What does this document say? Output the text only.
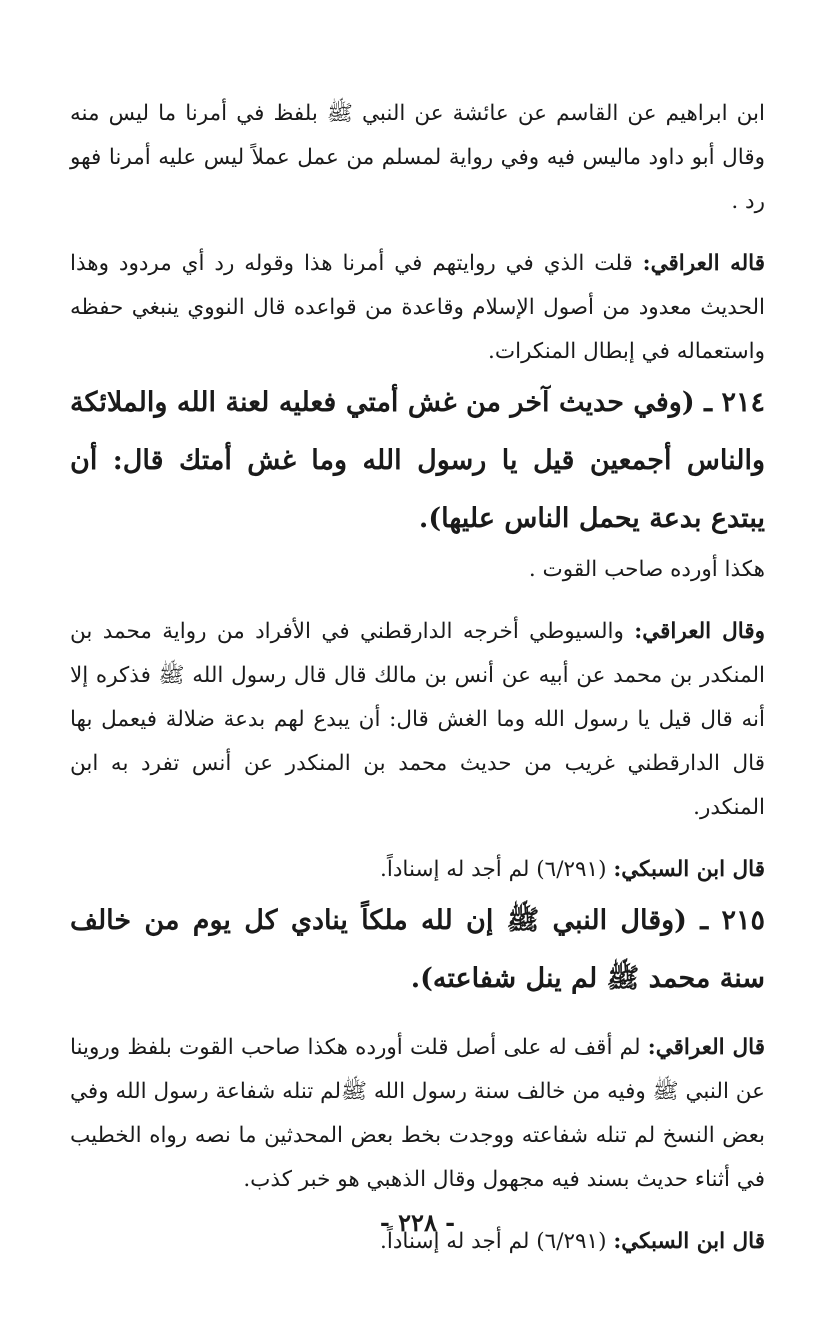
ابن ابراهيم عن القاسم عن عائشة عن النبي ﷺ بلفظ في أمرنا ما ليس منه وقال أبو داود ماليس فيه وفي رواية لمسلم من عمل عملاً ليس عليه أمرنا فهو رد .

قاله العراقي: قلت الذي في روايتهم في أمرنا هذا وقوله رد أي مردود وهذا الحديث معدود من أصول الإسلام وقاعدة من قواعده قال النووي ينبغي حفظه واستعماله في إبطال المنكرات.

٢١٤ ـ (وفي حديث آخر من غش أمتي فعليه لعنة الله والملائكة والناس أجمعين قيل يا رسول الله وما غش أمتك قال: أن يبتدع بدعة يحمل الناس عليها).

هكذا أورده صاحب القوت .

وقال العراقي: والسيوطي أخرجه الدارقطني في الأفراد من رواية محمد بن المنكدر بن محمد عن أبيه عن أنس بن مالك قال قال رسول الله ﷺ فذكره إلا أنه قال قيل يا رسول الله وما الغش قال: أن يبدع لهم بدعة ضلالة فيعمل بها قال الدارقطني غريب من حديث محمد بن المنكدر عن أنس تفرد به ابن المنكدر.

قال ابن السبكي: (٦/٢٩١) لم أجد له إسناداً.

٢١٥ ـ (وقال النبي ﷺ إن لله ملكاً ينادي كل يوم من خالف سنة محمد ﷺ لم ينل شفاعته).

قال العراقي: لم أقف له على أصل قلت أورده هكذا صاحب القوت بلفظ وروينا عن النبي ﷺ وفيه من خالف سنة رسول الله ﷺلم تنله شفاعة رسول الله وفي بعض النسخ لم تنله شفاعته ووجدت بخط بعض المحدثين ما نصه رواه الخطيب في أثناء حديث بسند فيه مجهول وقال الذهبي هو خبر كذب.

قال ابن السبكي: (٦/٢٩١) لم أجد له إسناداً.

- ٢٢٨ -
